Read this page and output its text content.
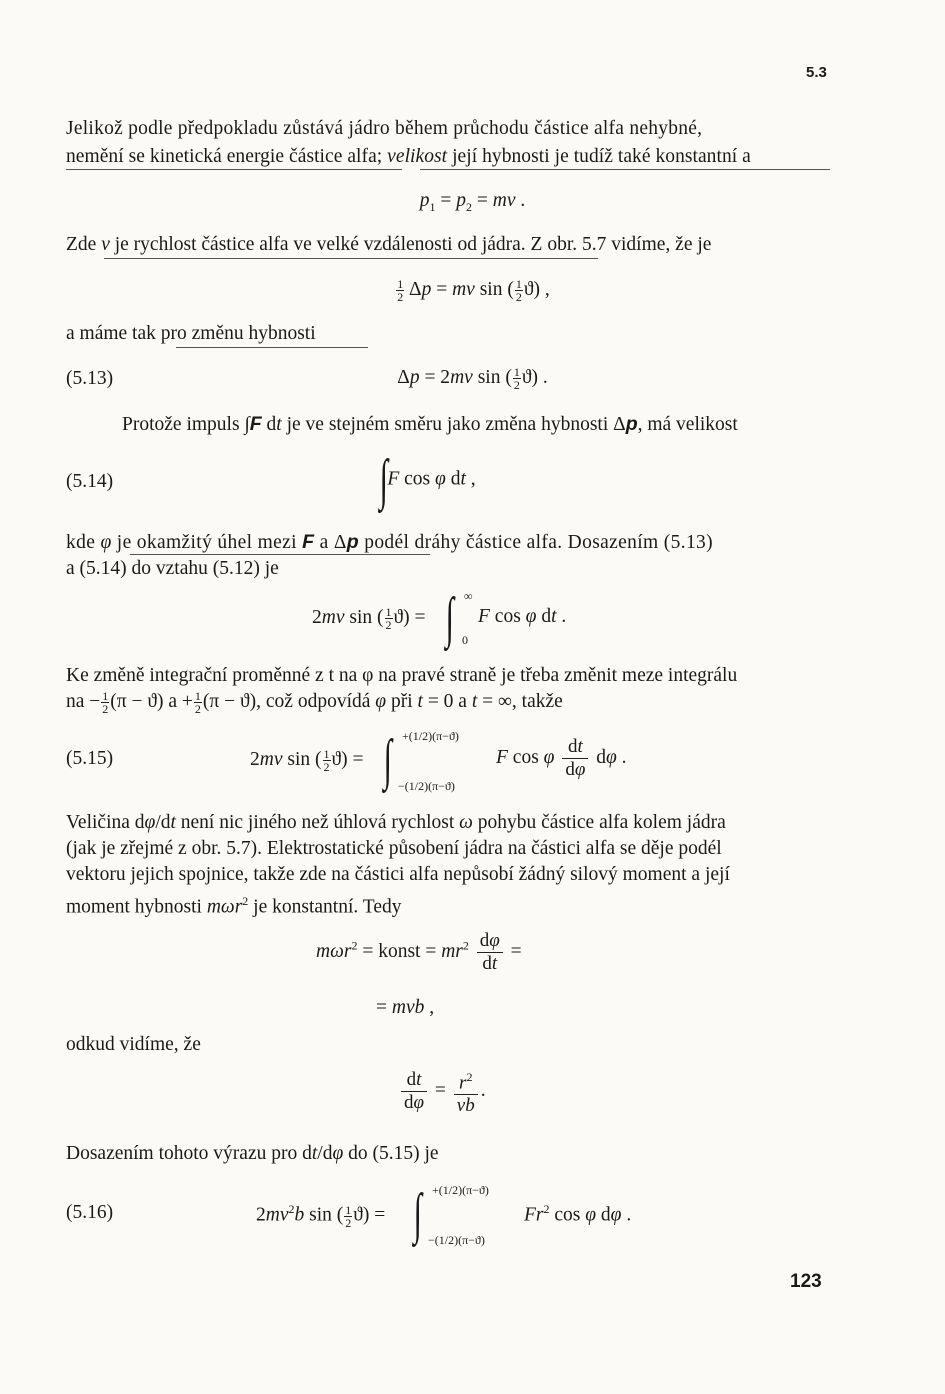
5.3
123
Jelikož podle předpokladu zůstává jádro během průchodu částice alfa nehybné,
nemění se kinetická energie částice alfa; velikost její hybnosti je tudíž také konstantní a
$p_1 = p_2$ = mv .
Zde v je rychlost částice alfa ve velké vzdálenosti od jádra. Z obr. 5.7 vidíme, že je
$\frac{1}{2}$ Δp = mv sin ( $\frac{1}{2} ϑ$) ,
a máme tak pro změnu hybnosti
(5.13)	Δp = 2mv sin ( $\frac{1}{2} ϑ$) .
Protože impuls ∫F dt je ve stejném směru jako změna hybnosti Δp, má velikost
(5.14)	∫F cos φ dt ,
kde φ je okamžitý úhel mezi F a Δp podél dráhy částice alfa. Dosazením (5.13)
a (5.14) do vztahu (5.12) je
2mv sin ( $\frac{1}{2} ϑ$) = ∫ ∞
0
F cos φ dt .
Ke změně integrační proměnné z t na φ na pravé straně je třeba změnit meze integrálu
na − $\frac{1}{2} (\pi - ϑ) a + \frac{1}{2} (\pi - ϑ)$, což odpovídá φ při t = 0 a t = ∞, takže
(5.15)	2mv sin ( $\frac{1}{2} ϑ$) = ∫ +(1/2)(π−ϑ)
−(1/2)(π−ϑ)
F cos φ $\frac{dt}{d\varphi}$ dφ .
Veličina dφ/dt není nic jiného než úhlová rychlost ω pohybu částice alfa kolem jádra
(jak je zřejmé z obr. 5.7). Elektrostatické působení jádra na částici alfa se děje podél
vektoru jejich spojnice, takže zde na částici alfa nepůsobí žádný silový moment a její
moment hybnosti mωr$^2$ je konstantní. Tedy
mωr$^2$ = konst = $mr^2 \frac{d\varphi}{dt}$ =
= mvb ,
odkud vidíme, že
$\frac{dt}{d\varphi} = \frac{r^2}{vb}$ .
Dosazením tohoto výrazu pro dt/dφ do (5.15) je
(5.16)	$2mv^2b$ sin ( $\frac{1}{2} ϑ$) = ∫ +(1/2)(π−ϑ)
−(1/2)(π−ϑ)
Fr$^2$ cos φ dφ .
